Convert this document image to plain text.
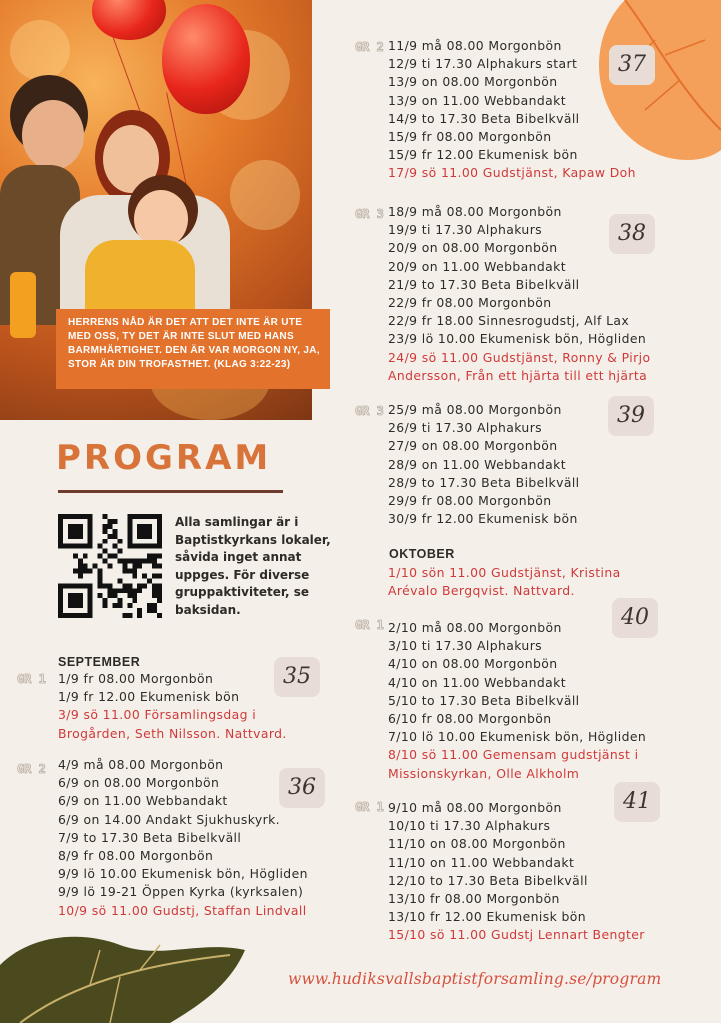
HERRENS NÅD ÄR DET ATT DET INTE ÄR UTE MED OSS, TY DET ÄR INTE SLUT MED HANS BARMHÄRTIGHET. DEN ÄR VAR MORGON NY, JA, STOR ÄR DIN TROFASTHET. (KLAG 3:22-23)
PROGRAM
Alla samlingar är i Baptistkyrkans lokaler, såvida inget annat uppges. För diverse gruppaktiviteter, se baksidan.
SEPTEMBER
OKTOBER
1/9 fr 08.00 Morgonbön
1/9 fr 12.00 Ekumenisk bön
3/9 sö 11.00 Församlingsdag i
Brogården, Seth Nilsson. Nattvard.
4/9 må 08.00 Morgonbön
6/9 on 08.00 Morgonbön
6/9 on 11.00 Webbandakt
6/9 on 14.00 Andakt Sjukhuskyrk.
7/9 to 17.30 Beta Bibelkväll
8/9 fr 08.00 Morgonbön
9/9 lö 10.00 Ekumenisk bön, Högliden
9/9 lö 19-21 Öppen Kyrka (kyrksalen)
10/9 sö 11.00 Gudstj, Staffan Lindvall
11/9 må 08.00 Morgonbön
12/9 ti 17.30 Alphakurs start
13/9 on 08.00 Morgonbön
13/9 on 11.00 Webbandakt
14/9 to 17.30 Beta Bibelkväll
15/9 fr 08.00 Morgonbön
15/9 fr 12.00 Ekumenisk bön
17/9 sö 11.00 Gudstjänst, Kapaw Doh
18/9 må 08.00 Morgonbön
19/9 ti 17.30 Alphakurs
20/9 on 08.00 Morgonbön
20/9 on 11.00 Webbandakt
21/9 to 17.30 Beta Bibelkväll
22/9 fr 08.00 Morgonbön
22/9 fr 18.00 Sinnesrogudstj, Alf Lax
23/9 lö 10.00 Ekumenisk bön, Högliden
24/9 sö 11.00 Gudstjänst, Ronny & Pirjo
Andersson, Från ett hjärta till ett hjärta
25/9 må 08.00 Morgonbön
26/9 ti 17.30 Alphakurs
27/9 on 08.00 Morgonbön
28/9 on 11.00 Webbandakt
28/9 to 17.30 Beta Bibelkväll
29/9 fr 08.00 Morgonbön
30/9 fr 12.00 Ekumenisk bön
1/10 sön 11.00 Gudstjänst, Kristina
Arévalo Bergqvist. Nattvard.
2/10 må 08.00 Morgonbön
3/10 ti 17.30 Alphakurs
4/10 on 08.00 Morgonbön
4/10 on 11.00 Webbandakt
5/10 to 17.30 Beta Bibelkväll
6/10 fr 08.00 Morgonbön
7/10 lö 10.00 Ekumenisk bön, Högliden
8/10 sö 11.00 Gemensam gudstjänst i
Missionskyrkan, Olle Alkholm
9/10 må 08.00 Morgonbön
10/10 ti 17.30 Alphakurs
11/10 on 08.00 Morgonbön
11/10 on 11.00 Webbandakt
12/10 to 17.30 Beta Bibelkväll
13/10 fr 08.00 Morgonbön
13/10 fr 12.00 Ekumenisk bön
15/10 sö 11.00 Gudstj Lennart Bengter
GR 1
GR 2
GR 2
GR 3
GR 3
GR 1
GR 1
35
36
37
38
39
40
41
www.hudiksvallsbaptistforsamling.se/program
